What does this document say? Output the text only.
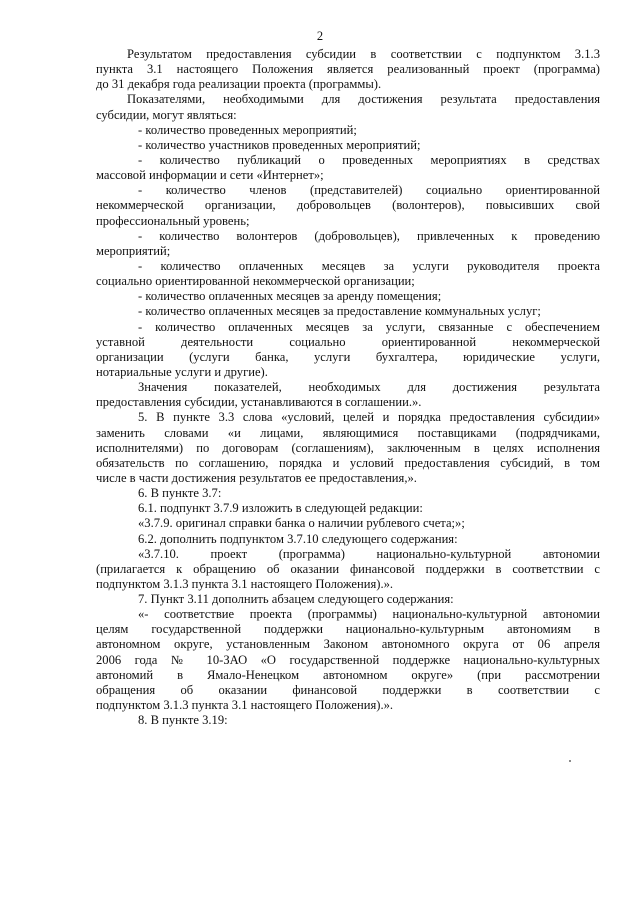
2
Результатом предоставления субсидии в соответствии с подпунктом 3.1.3
пункта 3.1 настоящего Положения является реализованный проект (программа)
до 31 декабря года реализации проекта (программы).
Показателями, необходимыми для достижения результата предоставления
субсидии, могут являться:
- количество проведенных мероприятий;
- количество участников проведенных мероприятий;
- количество публикаций о проведенных мероприятиях в средствах
массовой информации и сети «Интернет»;
- количество членов (представителей) социально ориентированной
некоммерческой организации, добровольцев (волонтеров), повысивших свой
профессиональный уровень;
- количество волонтеров (добровольцев), привлеченных к проведению
мероприятий;
- количество оплаченных месяцев за услуги руководителя проекта
социально ориентированной некоммерческой организации;
- количество оплаченных месяцев за аренду помещения;
- количество оплаченных месяцев за предоставление коммунальных услуг;
- количество оплаченных месяцев за услуги, связанные с обеспечением
уставной деятельности социально ориентированной некоммерческой
организации (услуги банка, услуги бухгалтера, юридические услуги,
нотариальные услуги и другие).
Значения показателей, необходимых для достижения результата
предоставления субсидии, устанавливаются в соглашении.».
5. В пункте 3.3 слова «условий, целей и порядка предоставления субсидии»
заменить словами «и лицами, являющимися поставщиками (подрядчиками,
исполнителями) по договорам (соглашениям), заключенным в целях исполнения
обязательств по соглашению, порядка и условий предоставления субсидий, в том
числе в части достижения результатов ее предоставления,».
6. В пункте 3.7:
6.1. подпункт 3.7.9 изложить в следующей редакции:
«3.7.9. оригинал справки банка о наличии рублевого счета;»;
6.2. дополнить подпунктом 3.7.10 следующего содержания:
«3.7.10. проект (программа) национально-культурной автономии
(прилагается к обращению об оказании финансовой поддержки в соответствии с
подпунктом 3.1.3 пункта 3.1 настоящего Положения).».
7. Пункт 3.11 дополнить абзацем следующего содержания:
«- соответствие проекта (программы) национально-культурной автономии
целям государственной поддержки национально-культурным автономиям в
автономном округе, установленным Законом автономного округа от 06 апреля
2006 года № 10-ЗАО «О государственной поддержке национально-культурных
автономий в Ямало-Ненецком автономном округе» (при рассмотрении
обращения об оказании финансовой поддержки в соответствии с
подпунктом 3.1.3 пункта 3.1 настоящего Положения).».
8. В пункте 3.19:
